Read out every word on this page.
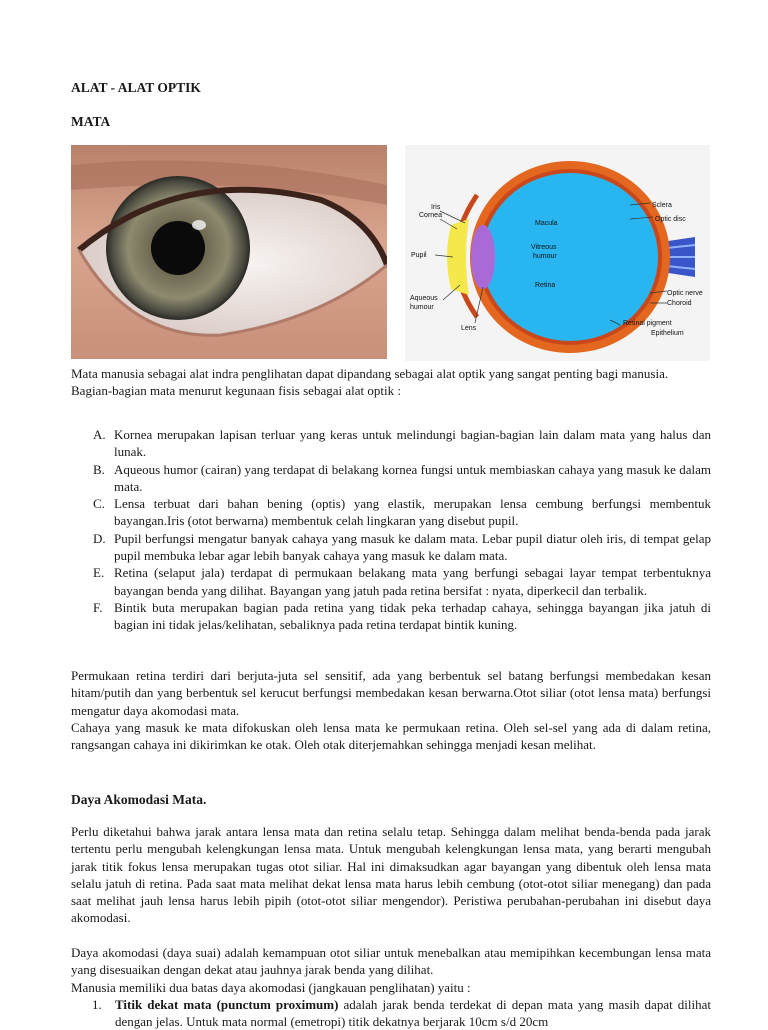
ALAT - ALAT OPTIK
MATA
Iris
Cornea
Pupil
Aqueous
humour
Lens
Sclera
Optic disc
Macula
Vitreous
humour
Retina
Optic nerve
Choroid
Retinal pigment
Epithelium

Mata manusia sebagai alat indra penglihatan dapat dipandang sebagai alat optik yang sangat penting bagi manusia.

Bagian-bagian mata menurut kegunaan fisis sebagai alat optik :

A. Kornea merupakan lapisan terluar yang keras untuk melindungi bagian-bagian lain dalam mata yang halus dan lunak.
B. Aqueous humor (cairan) yang terdapat di belakang kornea fungsi untuk membiaskan cahaya yang masuk ke dalam mata.
C. Lensa terbuat dari bahan bening (optis) yang elastik, merupakan lensa cembung berfungsi membentuk bayangan.Iris (otot berwarna) membentuk celah lingkaran yang disebut pupil.
D. Pupil berfungsi mengatur banyak cahaya yang masuk ke dalam mata. Lebar pupil diatur oleh iris, di tempat gelap pupil membuka lebar agar lebih banyak cahaya yang masuk ke dalam mata.
E. Retina (selaput jala) terdapat di permukaan belakang mata yang berfungi sebagai layar tempat terbentuknya bayangan benda yang dilihat. Bayangan yang jatuh pada retina bersifat : nyata, diperkecil dan terbalik.
F. Bintik buta merupakan bagian pada retina yang tidak peka terhadap cahaya, sehingga bayangan jika jatuh di bagian ini tidak jelas/kelihatan, sebaliknya pada retina terdapat bintik kuning.

Permukaan retina terdiri dari berjuta-juta sel sensitif, ada yang berbentuk sel batang berfungsi membedakan kesan hitam/putih dan yang berbentuk sel kerucut berfungsi membedakan kesan berwarna.Otot siliar (otot lensa mata) berfungsi mengatur daya akomodasi mata.

Cahaya yang masuk ke mata difokuskan oleh lensa mata ke permukaan retina. Oleh sel-sel yang ada di dalam retina, rangsangan cahaya ini dikirimkan ke otak. Oleh otak diterjemahkan sehingga menjadi kesan melihat.

Daya Akomodasi Mata.

Perlu diketahui bahwa jarak antara lensa mata dan retina selalu tetap. Sehingga dalam melihat benda-benda pada jarak tertentu perlu mengubah kelengkungan lensa mata. Untuk mengubah kelengkungan lensa mata, yang berarti mengubah jarak titik fokus lensa merupakan tugas otot siliar. Hal ini dimaksudkan agar bayangan yang dibentuk oleh lensa mata selalu jatuh di retina. Pada saat mata melihat dekat lensa mata harus lebih cembung (otot-otot siliar menegang) dan pada saat melihat jauh lensa harus lebih pipih (otot-otot siliar mengendor). Peristiwa perubahan-perubahan ini disebut daya akomodasi.

Daya akomodasi (daya suai) adalah kemampuan otot siliar untuk menebalkan atau memipihkan kecembungan lensa mata yang disesuaikan dengan dekat atau jauhnya jarak benda yang dilihat.

Manusia memiliki dua batas daya akomodasi (jangkauan penglihatan) yaitu :

1. Titik dekat mata (punctum proximum) adalah jarak benda terdekat di depan mata yang masih dapat dilihat dengan jelas. Untuk mata normal (emetropi) titik dekatnya berjarak 10cm s/d 20cm
